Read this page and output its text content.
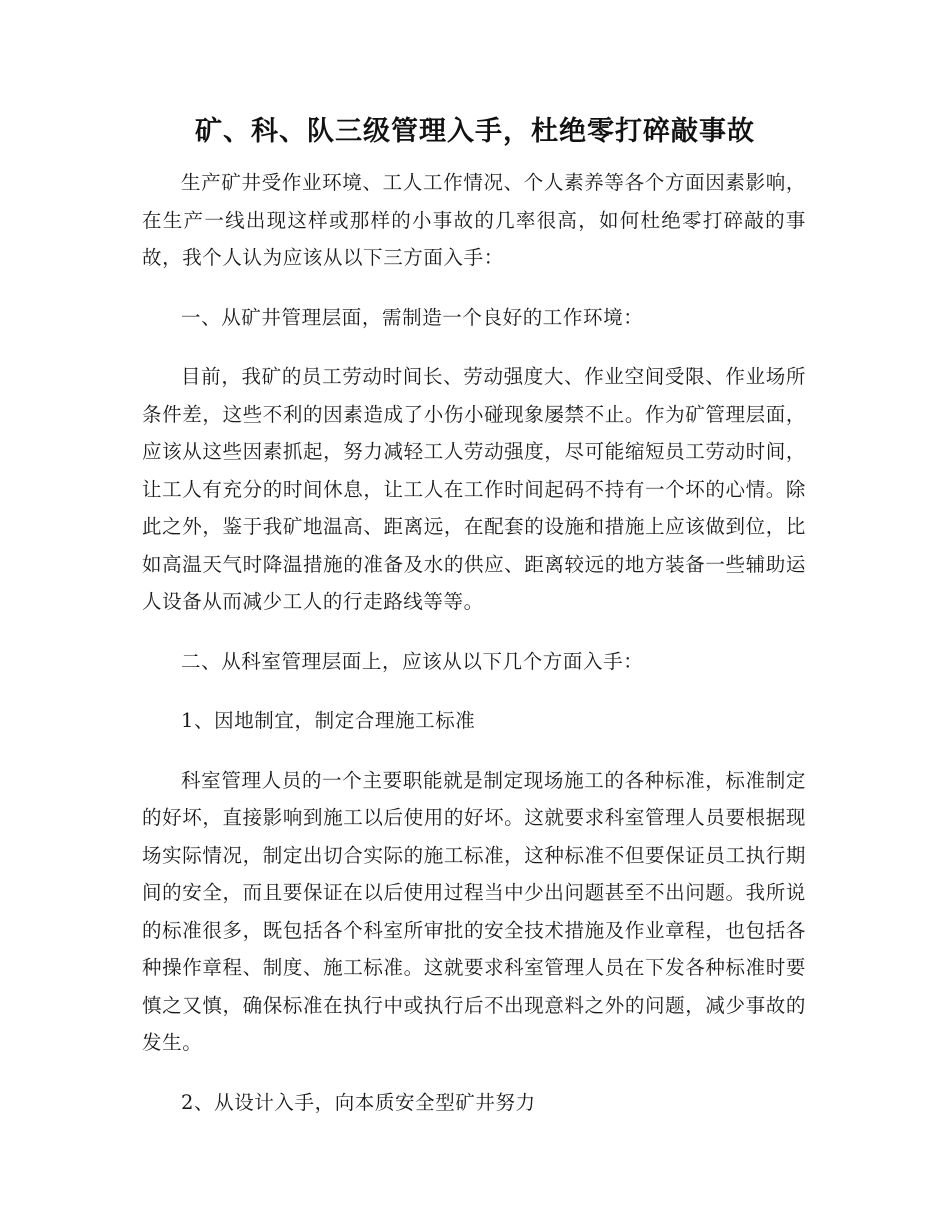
矿、科、队三级管理入手，杜绝零打碎敲事故

生产矿井受作业环境、工人工作情况、个人素养等各个方面因素影响，在生产一线出现这样或那样的小事故的几率很高，如何杜绝零打碎敲的事故，我个人认为应该从以下三方面入手：

一、从矿井管理层面，需制造一个良好的工作环境：

目前，我矿的员工劳动时间长、劳动强度大、作业空间受限、作业场所条件差，这些不利的因素造成了小伤小碰现象屡禁不止。作为矿管理层面，应该从这些因素抓起，努力减轻工人劳动强度，尽可能缩短员工劳动时间，让工人有充分的时间休息，让工人在工作时间起码不持有一个坏的心情。除此之外，鉴于我矿地温高、距离远，在配套的设施和措施上应该做到位，比如高温天气时降温措施的准备及水的供应、距离较远的地方装备一些辅助运人设备从而减少工人的行走路线等等。

二、从科室管理层面上，应该从以下几个方面入手：

1、因地制宜，制定合理施工标准

科室管理人员的一个主要职能就是制定现场施工的各种标准，标准制定的好坏，直接影响到施工以后使用的好坏。这就要求科室管理人员要根据现场实际情况，制定出切合实际的施工标准，这种标准不但要保证员工执行期间的安全，而且要保证在以后使用过程当中少出问题甚至不出问题。我所说的标准很多，既包括各个科室所审批的安全技术措施及作业章程，也包括各种操作章程、制度、施工标准。这就要求科室管理人员在下发各种标准时要慎之又慎，确保标准在执行中或执行后不出现意料之外的问题，减少事故的发生。

2、从设计入手，向本质安全型矿井努力
